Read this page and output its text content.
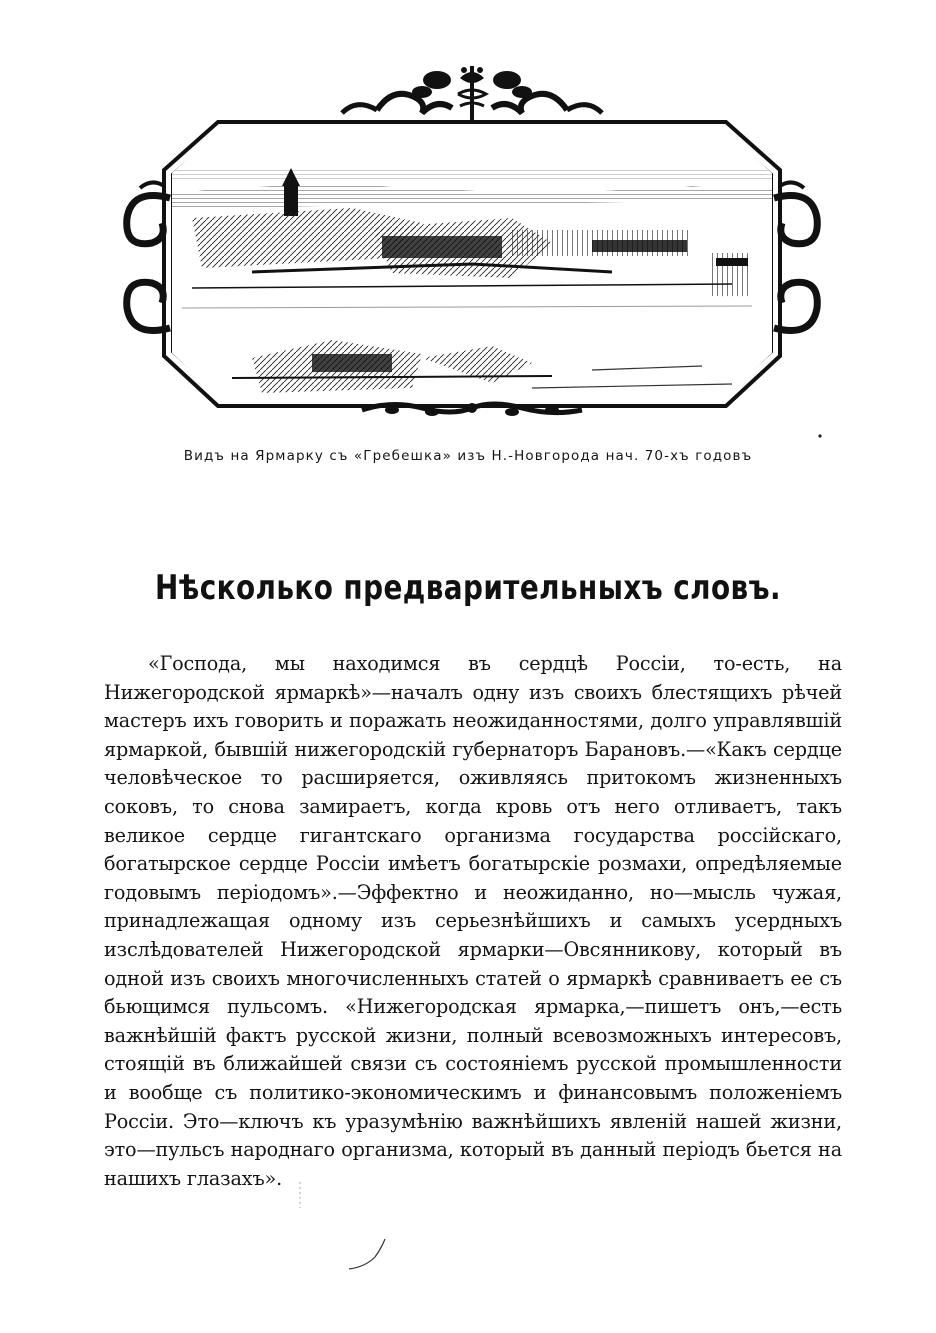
Видъ на Ярмарку съ «Гребешка» изъ Н.-Новгорода нач. 70-хъ годовъ
Нѣсколько предварительныхъ словъ.

«Господа, мы находимся въ сердцѣ Россіи, то-есть, на Нижегородской ярмаркѣ»—началъ одну изъ своихъ блестящихъ рѣчей мастеръ ихъ говорить и поражать неожиданностями, долго управлявшій ярмаркой, бывшій нижегородскій губернаторъ Барановъ.—«Какъ сердце человѣческое то расширяется, оживляясь притокомъ жизненныхъ соковъ, то снова замираетъ, когда кровь отъ него отливаетъ, такъ великое сердце гигантскаго организма государства россійскаго, богатырское сердце Россіи имѣетъ богатырскіе розмахи, опредѣляемые годовымъ періодомъ».—Эффектно и неожиданно, но—мысль чужая, принадлежащая одному изъ серьезнѣйшихъ и самыхъ усердныхъ изслѣдователей Нижегородской ярмарки—Овсянникову, который въ одной изъ своихъ многочисленныхъ статей о ярмаркѣ сравниваетъ ее съ бьющимся пульсомъ. «Нижегородская ярмарка,—пишетъ онъ,—есть важнѣйшій фактъ русской жизни, полный всевозможныхъ интересовъ, стоящій въ ближайшей связи съ состояніемъ русской промышленности и вообще съ политико-экономическимъ и финансовымъ положеніемъ Россіи. Это—ключъ къ уразумѣнію важнѣйшихъ явленій нашей жизни, это—пульсъ народнаго организма, который въ данный періодъ бьется на нашихъ глазахъ».
